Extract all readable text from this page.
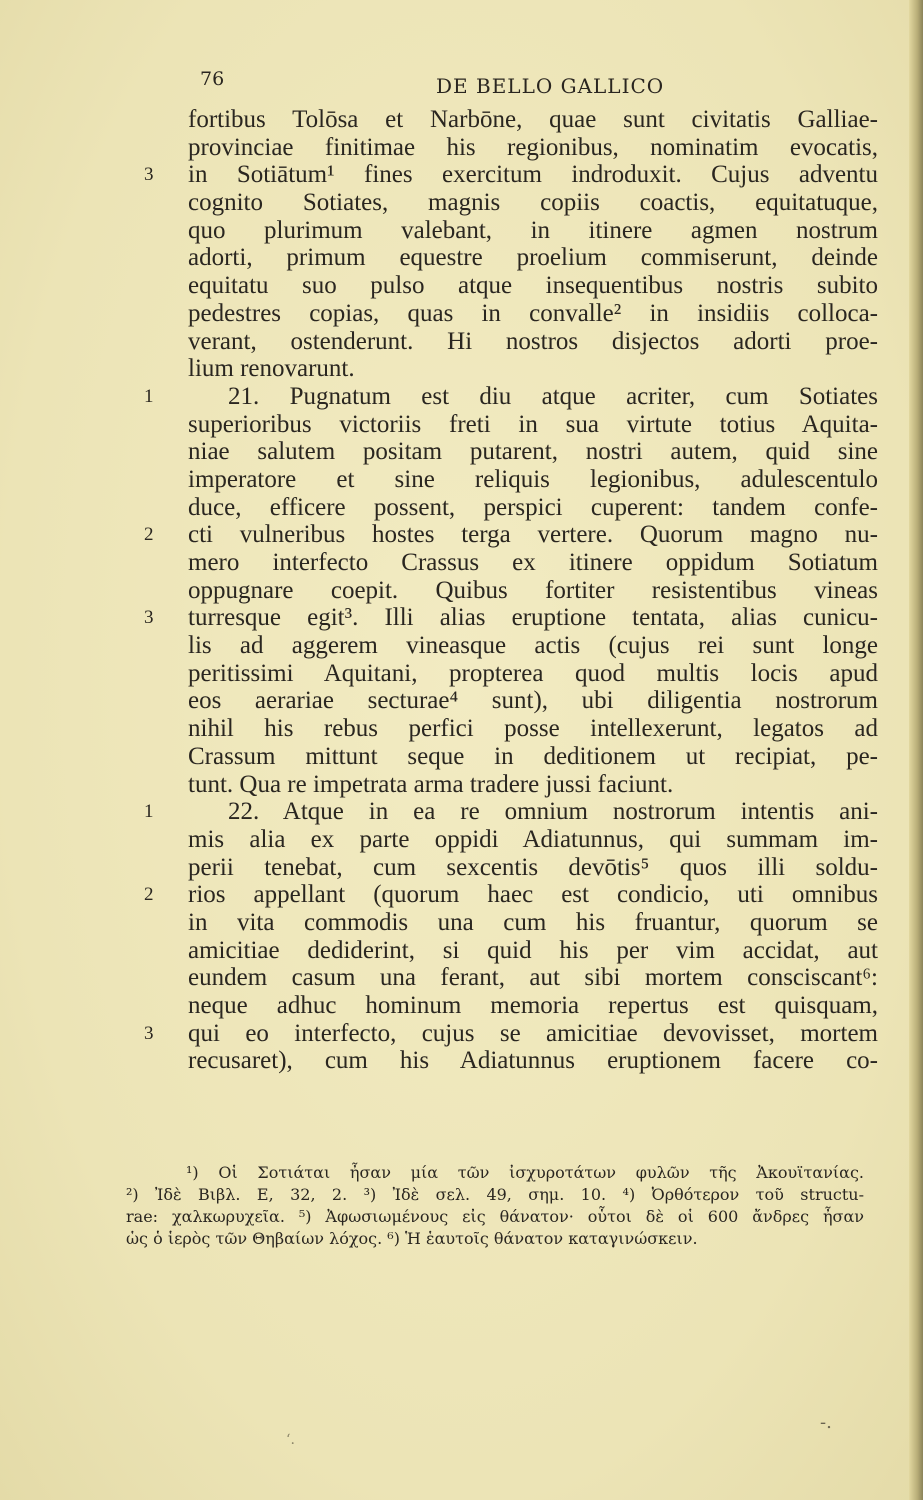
76	DE BELLO GALLICO
fortibus Tolōsa et Narbōne, quae sunt civitatis Galliae-
provinciae finitimae his regionibus, nominatim evocatis,
3	in Sotiātum¹ fines exercitum indroduxit. Cujus adventu
cognito Sotiates, magnis copiis coactis, equitatuque,
quo plurimum valebant, in itinere agmen nostrum
adorti, primum equestre proelium commiserunt, deinde
equitatu suo pulso atque insequentibus nostris subito
pedestres copias, quas in convalle² in insidiis colloca-
verant, ostenderunt. Hi nostros disjectos adorti proe-
lium renovarunt.
1	21. Pugnatum est diu atque acriter, cum Sotiates
superioribus victoriis freti in sua virtute totius Aquita-
niae salutem positam putarent, nostri autem, quid sine
imperatore et sine reliquis legionibus, adulescentulo
duce, efficere possent, perspici cuperent: tandem confe-
2	cti vulneribus hostes terga vertere. Quorum magno nu-
mero interfecto Crassus ex itinere oppidum Sotiatum
oppugnare coepit. Quibus fortiter resistentibus vineas
3	turresque egit³. Illi alias eruptione tentata, alias cunicu-
lis ad aggerem vineasque actis (cujus rei sunt longe
peritissimi Aquitani, propterea quod multis locis apud
eos aerariae secturae⁴ sunt), ubi diligentia nostrorum
nihil his rebus perfici posse intellexerunt, legatos ad
Crassum mittunt seque in deditionem ut recipiat, pe-
tunt. Qua re impetrata arma tradere jussi faciunt.
1	22. Atque in ea re omnium nostrorum intentis ani-
mis alia ex parte oppidi Adiatunnus, qui summam im-
perii tenebat, cum sexcentis devōtis⁵ quos illi soldu-
2	rios appellant (quorum haec est condicio, uti omnibus
in vita commodis una cum his fruantur, quorum se
amicitiae dediderint, si quid his per vim accidat, aut
eundem casum una ferant, aut sibi mortem consciscant⁶:
neque adhuc hominum memoria repertus est quisquam,
3	qui eo interfecto, cujus se amicitiae devovisset, mortem
recusaret), cum his Adiatunnus eruptionem facere co-
¹) Οἱ Σοτιάται ἦσαν μία τῶν ἰσχυροτάτων φυλῶν τῆς Ἀκουϊτανίας.
²) Ἰδὲ Βιβλ. Ε, 32, 2. ³) Ἰδὲ σελ. 49, σημ. 10. ⁴) Ὀρθότερον τοῦ structu-
rae: χαλκωρυχεῖα. ⁵) Ἀφωσιωμένους εἰς θάνατον· οὗτοι δὲ οἱ 600 ἄνδρες ἦσαν
ὡς ὁ ἱερὸς τῶν Θηβαίων λόχος. ⁶) Ἡ ἑαυτοῖς θάνατον καταγινώσκειν.
-.
‘.
